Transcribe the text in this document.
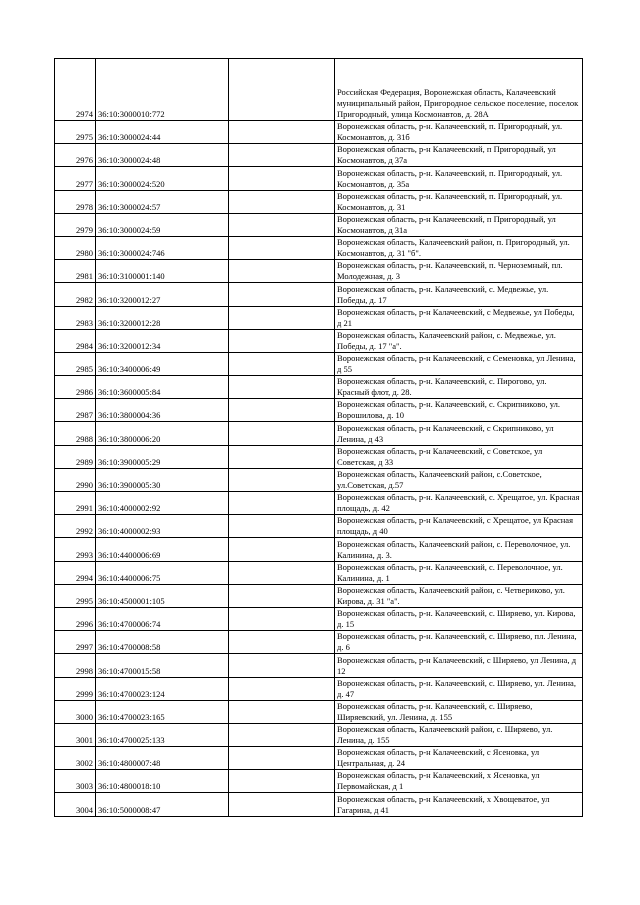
2974	36:10:3000010:772		Российская Федерация, Воронежская область, Калачеевский муниципальный район, Пригородное сельское поселение, поселок Пригородный, улица Космонавтов, д. 28А
2975	36:10:3000024:44		Воронежская область, р-н. Калачеевский, п. Пригородный, ул. Космонавтов, д. 31б
2976	36:10:3000024:48		Воронежская область, р-н Калачеевский, п Пригородный, ул Космонавтов, д 37а
2977	36:10:3000024:520		Воронежская область, р-н. Калачеевский, п. Пригородный, ул. Космонавтов, д. 35а
2978	36:10:3000024:57		Воронежская область, р-н. Калачеевский, п. Пригородный, ул. Космонавтов, д. 31
2979	36:10:3000024:59		Воронежская область, р-н Калачеевский, п Пригородный, ул Космонавтов, д 31а
2980	36:10:3000024:746		Воронежская область, Калачеевский район, п. Пригородный, ул. Космонавтов, д. 31 "б".
2981	36:10:3100001:140		Воронежская область, р-н. Калачеевский, п. Черноземный, пл. Молодежная, д. 3
2982	36:10:3200012:27		Воронежская область, р-н. Калачеевский, с. Медвежье, ул. Победы, д. 17
2983	36:10:3200012:28		Воронежская область, р-н Калачеевский, с Медвежье, ул Победы, д 21
2984	36:10:3200012:34		Воронежская область, Калачеевский район, с. Медвежье, ул. Победы, д. 17 "а".
2985	36:10:3400006:49		Воронежская область, р-н Калачеевский, с Семеновка, ул Ленина, д 55
2986	36:10:3600005:84		Воронежская область, р-н. Калачеевский, с. Пирогово, ул. Красный флот, д. 28.
2987	36:10:3800004:36		Воронежская область, р-н. Калачеевский, с. Скрипниково, ул. Ворошилова, д. 10
2988	36:10:3800006:20		Воронежская область, р-н Калачеевский, с Скрипниково, ул Ленина, д 43
2989	36:10:3900005:29		Воронежская область, р-н Калачеевский, с Советское, ул Советская, д 33
2990	36:10:3900005:30		Воронежская область, Калачеевский район, с.Советское, ул.Советская, д.57
2991	36:10:4000002:92		Воронежская область, р-н. Калачеевский, с. Хрещатое, ул. Красная площадь, д. 42
2992	36:10:4000002:93		Воронежская область, р-н Калачеевский, с Хрещатое, ул Красная площадь, д 40
2993	36:10:4400006:69		Воронежская область, Калачеевский район, с. Переволочное, ул. Калинина, д. 3.
2994	36:10:4400006:75		Воронежская область, р-н. Калачеевский, с. Переволочное, ул. Калинина, д. 1
2995	36:10:4500001:105		Воронежская область, Калачеевский район, с. Четвериково, ул. Кирова, д. 31 "а".
2996	36:10:4700006:74		Воронежская область, р-н. Калачеевский, с. Ширяево, ул. Кирова, д. 15
2997	36:10:4700008:58		Воронежская область, р-н. Калачеевский, с. Ширяево, пл. Ленина, д. 6
2998	36:10:4700015:58		Воронежская область, р-н Калачеевский, с Ширяево, ул Ленина, д 12
2999	36:10:4700023:124		Воронежская область, р-н. Калачеевский, с. Ширяево, ул. Ленина, д. 47
3000	36:10:4700023:165		Воронежская область, р-н. Калачеевский, с. Ширяево, Ширяевский, ул. Ленина, д. 155
3001	36:10:4700025:133		Воронежская область, Калачеевский район, с. Ширяево, ул. Ленина, д. 155
3002	36:10:4800007:48		Воронежская область, р-н Калачеевский, с Ясеновка, ул Центральная, д. 24
3003	36:10:4800018:10		Воронежская область, р-н Калачеевский, х Ясеновка, ул Первомайская, д 1
3004	36:10:5000008:47		Воронежская область, р-н Калачеевский, х Хвощеватое, ул Гагарина, д 41
